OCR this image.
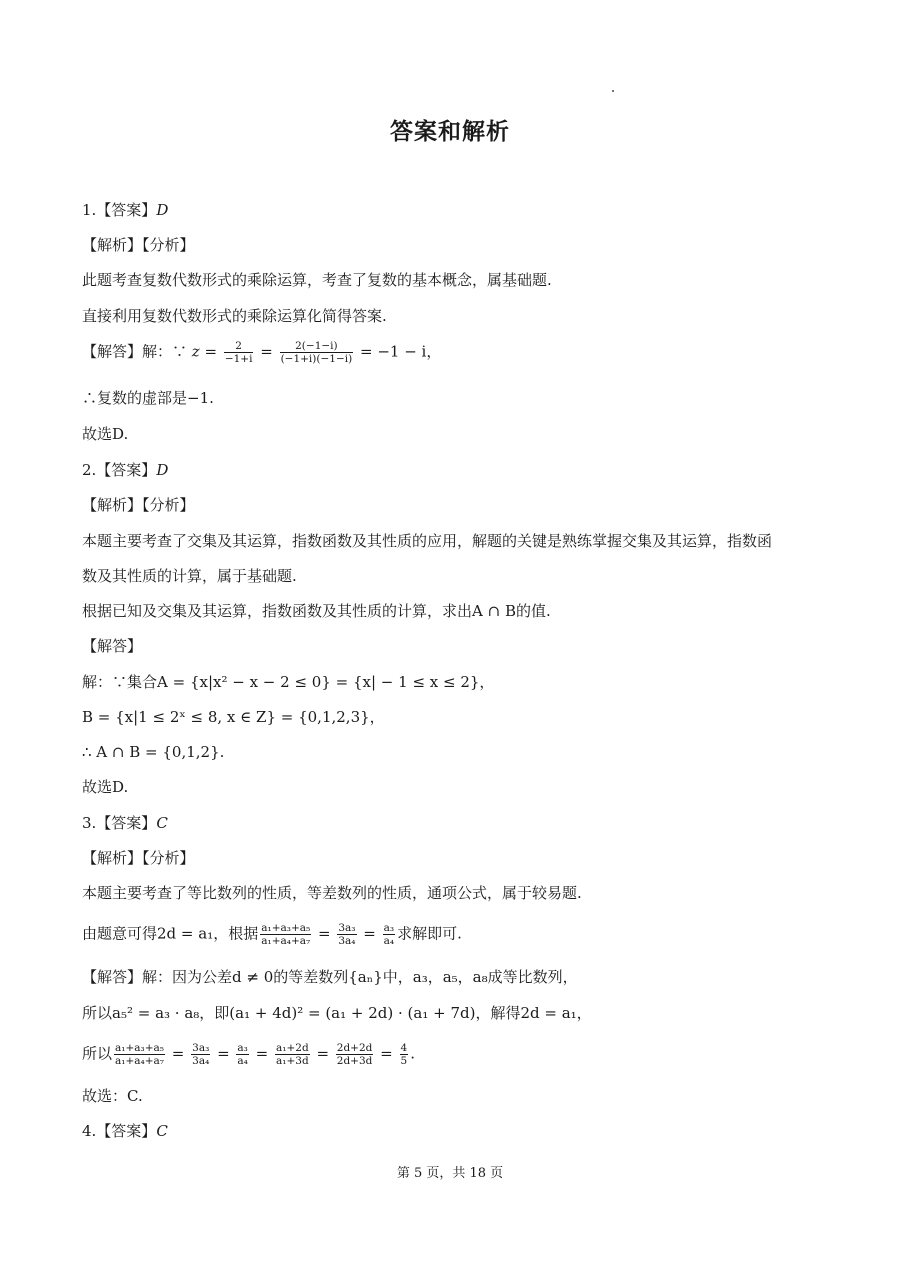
答案和解析
1.【答案】D
【解析】【分析】
此题考查复数代数形式的乘除运算，考查了复数的基本概念，属基础题.
直接利用复数代数形式的乘除运算化简得答案.
【解答】解：∵ $z = \frac{2}{-1+i} = \frac{2(-1-i)}{(-1+i)(-1-i)} = -1 - i$，
∴复数的虚部是−1.
故选D.
2.【答案】D
【解析】【分析】
本题主要考查了交集及其运算，指数函数及其性质的应用，解题的关键是熟练掌握交集及其运算，指数函
数及其性质的计算，属于基础题.
根据已知及交集及其运算，指数函数及其性质的计算，求出A ∩ B的值.
【解答】
解：∵集合A = {x|x² − x − 2 ≤ 0} = {x| − 1 ≤ x ≤ 2}，
B = {x|1 ≤ 2ˣ ≤ 8, x ∈ Z} = {0,1,2,3}，
∴ A ∩ B = {0,1,2}.
故选D.
3.【答案】C
【解析】【分析】
本题主要考查了等比数列的性质，等差数列的性质，通项公式，属于较易题.
由题意可得2d = a₁，根据 $\frac{\text{a₁+a₃+a₅}}{\text{a₁+a₄+a₇}} = \frac{\text{3a₃}}{\text{3a₄}} = \frac{\text{a₃}}{\text{a₄}}$ 求解即可.
【解答】解：因为公差d ≠ 0的等差数列{aₙ}中，a₃，a₅，a₈成等比数列，
所以a₅² = a₃ · a₈，即(a₁ + 4d)² = (a₁ + 2d) · (a₁ + 7d)，解得2d = a₁，
所以 $\frac{\text{a₁+a₃+a₅}}{\text{a₁+a₄+a₇}} = \frac{\text{3a₃}}{\text{3a₄}} = \frac{\text{a₃}}{\text{a₄}} = \frac{\text{a₁+2d}}{\text{a₁+3d}} = \frac{2d+2d}{2d+3d} = \frac{4}{5}$ .
故选：C.
4.【答案】C
第 5 页，共 18 页
